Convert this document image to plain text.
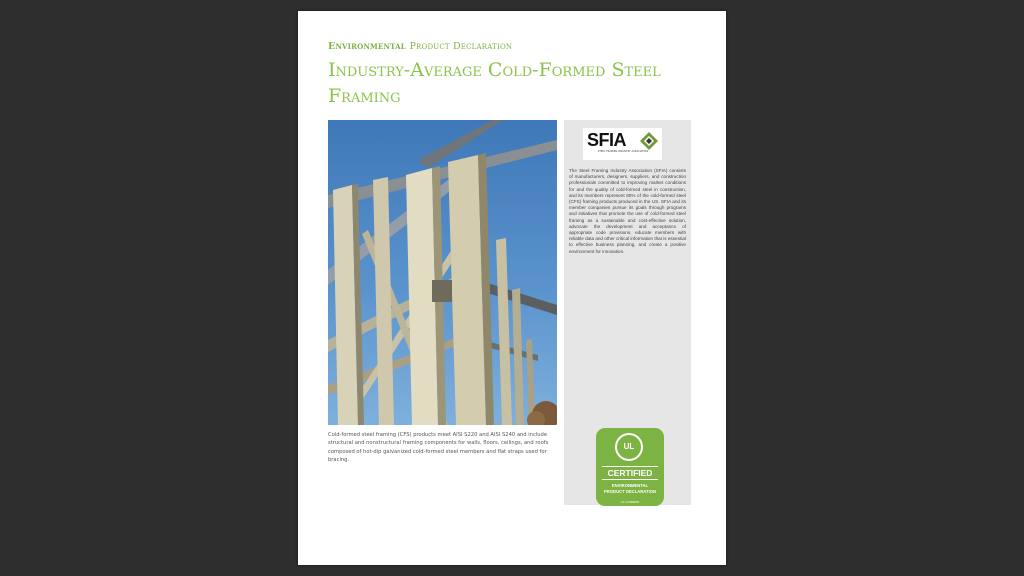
Environmental Product Declaration
Industry-Average Cold-Formed Steel Framing
Cold-formed steel framing (CFS) products meet AISI S220 and AISI S240 and include structural and nonstructural framing components for walls, floors, ceilings, and roofs composed of hot-dip galvanized cold-formed steel members and flat straps used for bracing.
SFIA
STEEL FRAMING INDUSTRY ASSOCIATION
The Steel Framing Industry Association (SFIA) consists of manufacturers, designers, suppliers, and construction professionals committed to improving market conditions for and the quality of cold-formed steel in construction, and its members represent 80% of the cold-formed steel (CFS) framing products produced in the US. SFIA and its member companies pursue its goals through programs and initiatives that promote the use of cold-formed steel framing as a sustainable and cost-effective solution, advocate the development and acceptance of appropriate code provisions, educate members with reliable data and other critical information that is essential to effective business planning, and create a positive environment for innovation.
UL
CERTIFIED
ENVIRONMENTAL
PRODUCT DECLARATION
UL.COM/EPD
